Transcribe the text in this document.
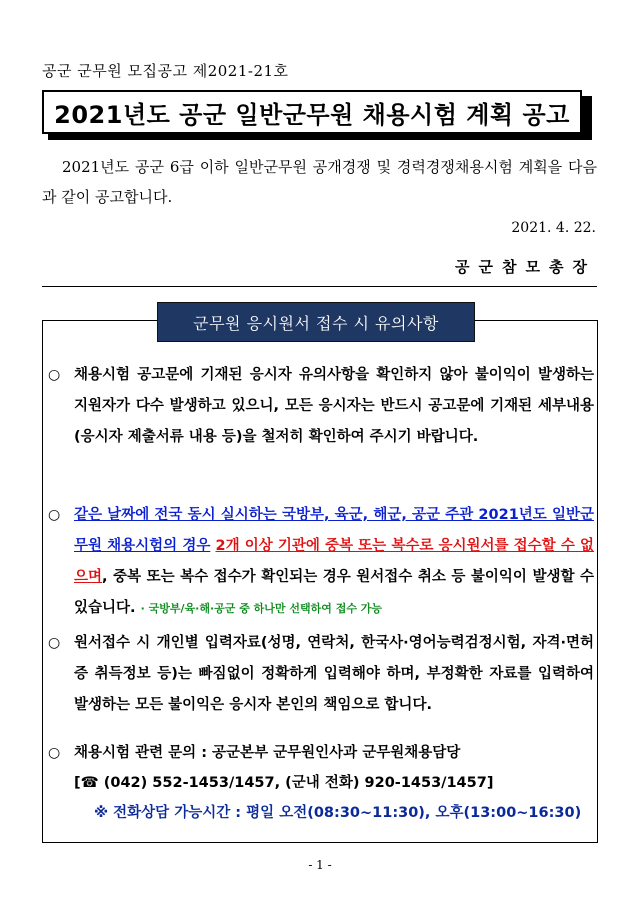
공군 군무원 모집공고 제2021-21호
2021년도 공군 일반군무원 채용시험 계획 공고
2021년도 공군 6급 이하 일반군무원 공개경쟁 및 경력경쟁채용시험 계획을 다음과 같이 공고합니다.
2021. 4. 22.
공군참모총장
군무원 응시원서 접수 시 유의사항
○ 채용시험 공고문에 기재된 응시자 유의사항을 확인하지 않아 불이익이 발생하는 지원자가 다수 발생하고 있으니, 모든 응시자는 반드시 공고문에 기재된 세부내용(응시자 제출서류 내용 등)을 철저히 확인하여 주시기 바랍니다.
○ 같은 날짜에 전국 동시 실시하는 국방부, 육군, 해군, 공군 주관 2021년도 일반군무원 채용시험의 경우 2개 이상 기관에 중복 또는 복수로 응시원서를 접수할 수 없으며, 중복 또는 복수 접수가 확인되는 경우 원서접수 취소 등 불이익이 발생할 수 있습니다. · 국방부/육·해·공군 중 하나만 선택하여 접수 가능
○ 원서접수 시 개인별 입력자료(성명, 연락처, 한국사·영어능력검정시험, 자격·면허증 취득정보 등)는 빠짐없이 정확하게 입력해야 하며, 부정확한 자료를 입력하여 발생하는 모든 불이익은 응시자 본인의 책임으로 합니다.
○ 채용시험 관련 문의 : 공군본부 군무원인사과 군무원채용담당
[☎ (042) 552-1453/1457, (군내 전화) 920-1453/1457]
※ 전화상담 가능시간 : 평일 오전(08:30~11:30), 오후(13:00~16:30)
- 1 -
